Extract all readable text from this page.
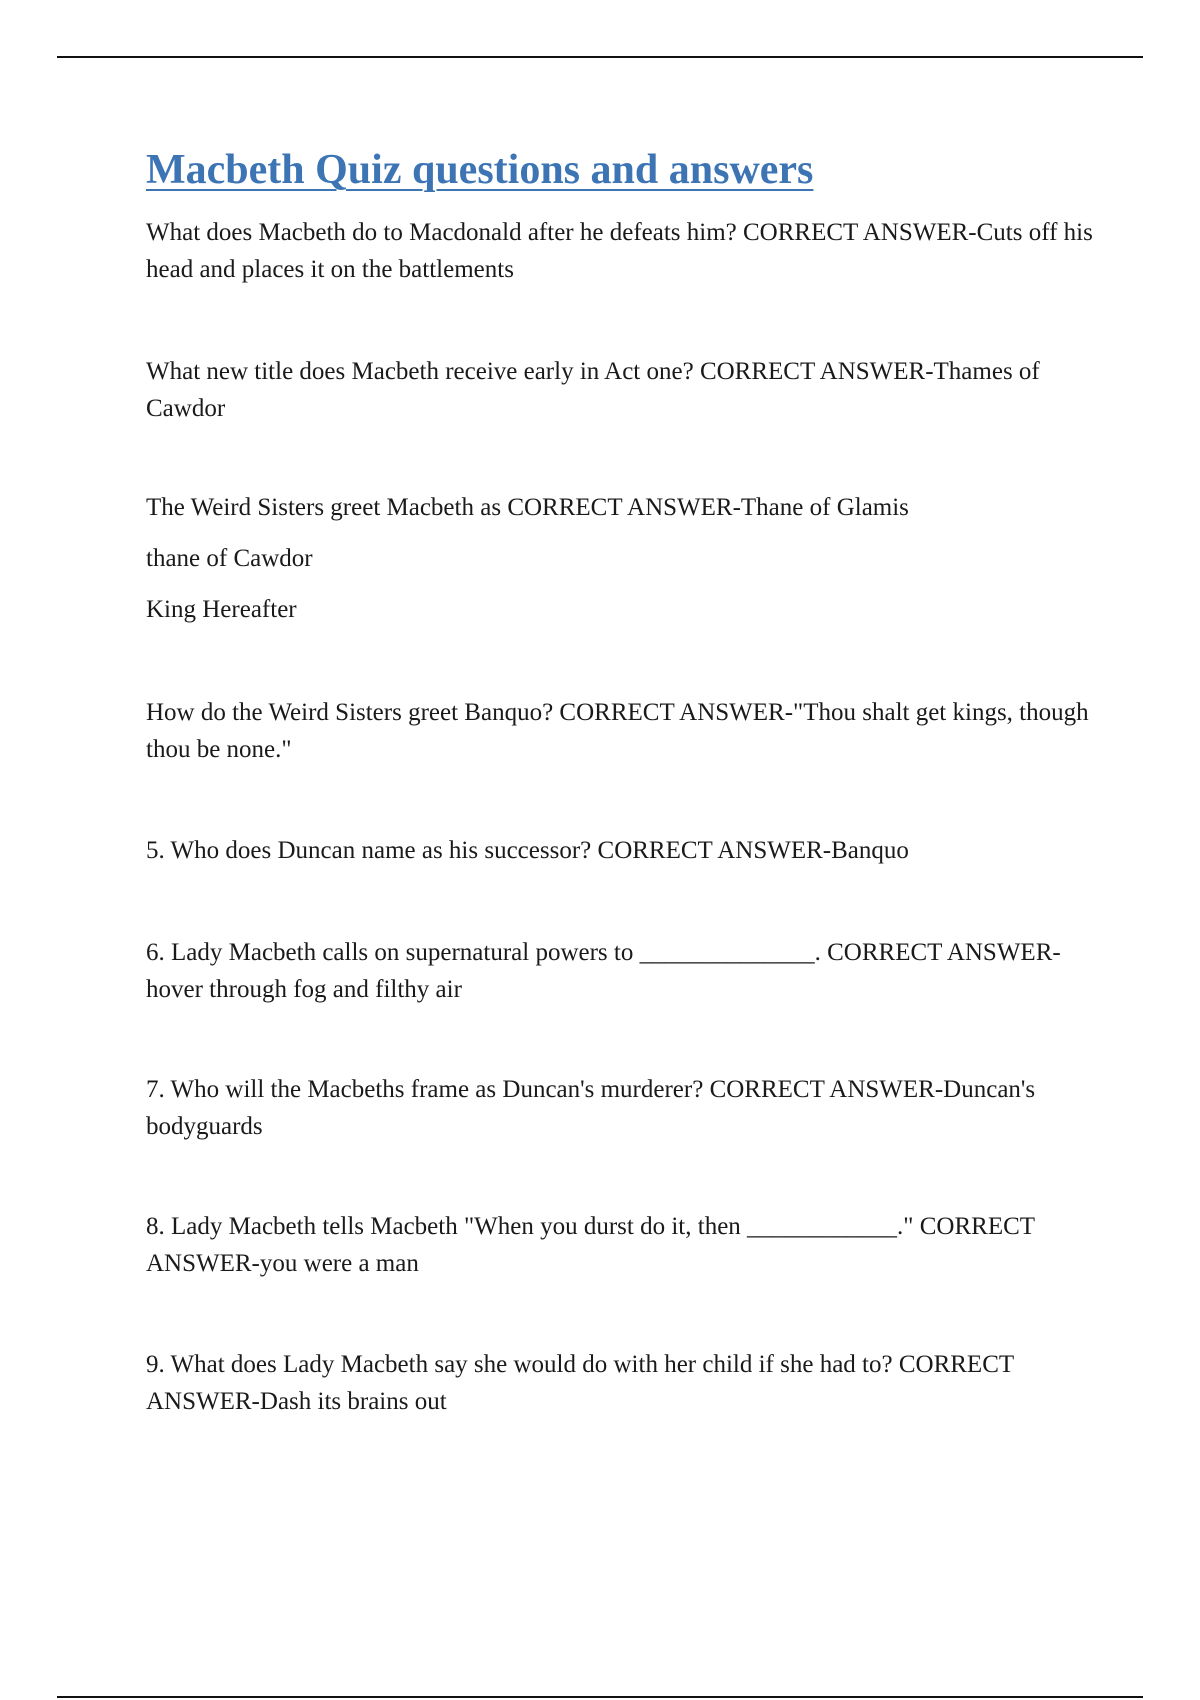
Macbeth Quiz questions and answers

What does Macbeth do to Macdonald after he defeats him? CORRECT ANSWER-Cuts off his head and places it on the battlements

What new title does Macbeth receive early in Act one? CORRECT ANSWER-Thames of Cawdor

The Weird Sisters greet Macbeth as CORRECT ANSWER-Thane of Glamis
thane of Cawdor
King Hereafter

How do the Weird Sisters greet Banquo? CORRECT ANSWER-"Thou shalt get kings, though thou be none."

5. Who does Duncan name as his successor? CORRECT ANSWER-Banquo

6. Lady Macbeth calls on supernatural powers to ______________. CORRECT ANSWER-hover through fog and filthy air

7. Who will the Macbeths frame as Duncan's murderer? CORRECT ANSWER-Duncan's bodyguards

8. Lady Macbeth tells Macbeth "When you durst do it, then ____________." CORRECT ANSWER-you were a man

9. What does Lady Macbeth say she would do with her child if she had to? CORRECT ANSWER-Dash its brains out
